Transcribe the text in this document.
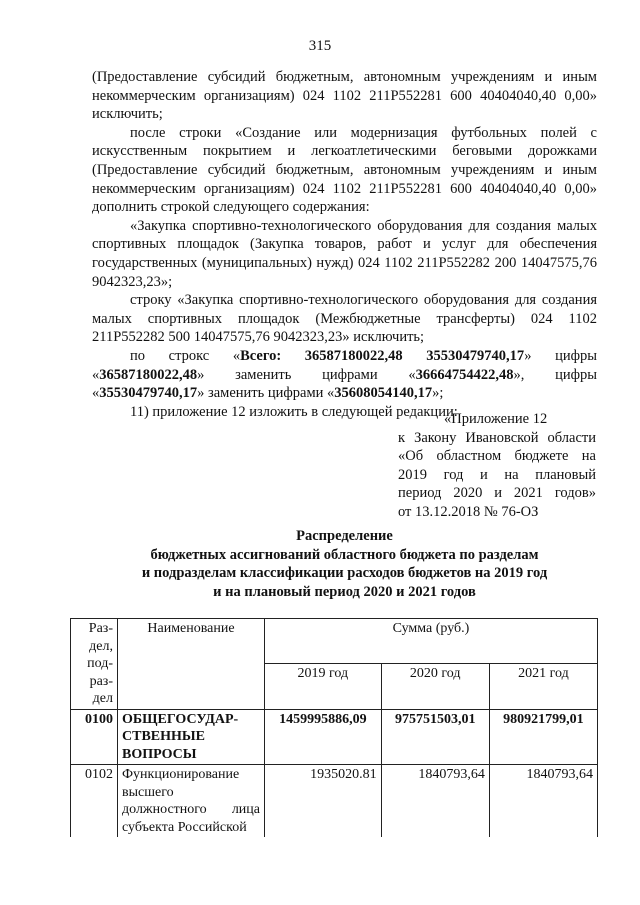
315

(Предоставление субсидий бюджетным, автономным учреждениям и иным некоммерческим организациям) 024 1102 211Р552281 600 40404040,40 0,00» исключить;

после строки «Создание или модернизация футбольных полей с искусственным покрытием и легкоатлетическими беговыми дорожками (Предоставление субсидий бюджетным, автономным учреждениям и иным некоммерческим организациям) 024 1102 211Р552281 600 40404040,40 0,00» дополнить строкой следующего содержания:

«Закупка спортивно-технологического оборудования для создания малых спортивных площадок (Закупка товаров, работ и услуг для обеспечения государственных (муниципальных) нужд) 024 1102 211Р552282 200 14047575,76 9042323,23»;

строку «Закупка спортивно-технологического оборудования для создания малых спортивных площадок (Межбюджетные трансферты) 024 1102 211Р552282 500 14047575,76 9042323,23» исключить;

по строкс «Всего: 36587180022,48 35530479740,17» цифры «36587180022,48» заменить цифрами «36664754422,48», цифры «35530479740,17» заменить цифрами «35608054140,17»;

11) приложение 12 изложить в следующей редакции:

«Приложение 12
к Закону Ивановской области
«Об областном бюджете на
2019 год и на плановый
период 2020 и 2021 годов»
от 13.12.2018 № 76-ОЗ
Распределение
бюджетных ассигнований областного бюджета по разделам
и подразделам классификации расходов бюджетов на 2019 год
и на плановый период 2020 и 2021 годов
Раз-
дел,
под-
раз-
дел	Наименование	Сумма (руб.)		
		2019 год	2020 год	2021 год
0100	ОБЩЕГОСУДАР-
СТВЕННЫЕ
ВОПРОСЫ	1459995886,09	975751503,01	980921799,01
0102	Функционирование
высшего
должностного лица
субъекта Российской	1935020.81	1840793,64	1840793,64
